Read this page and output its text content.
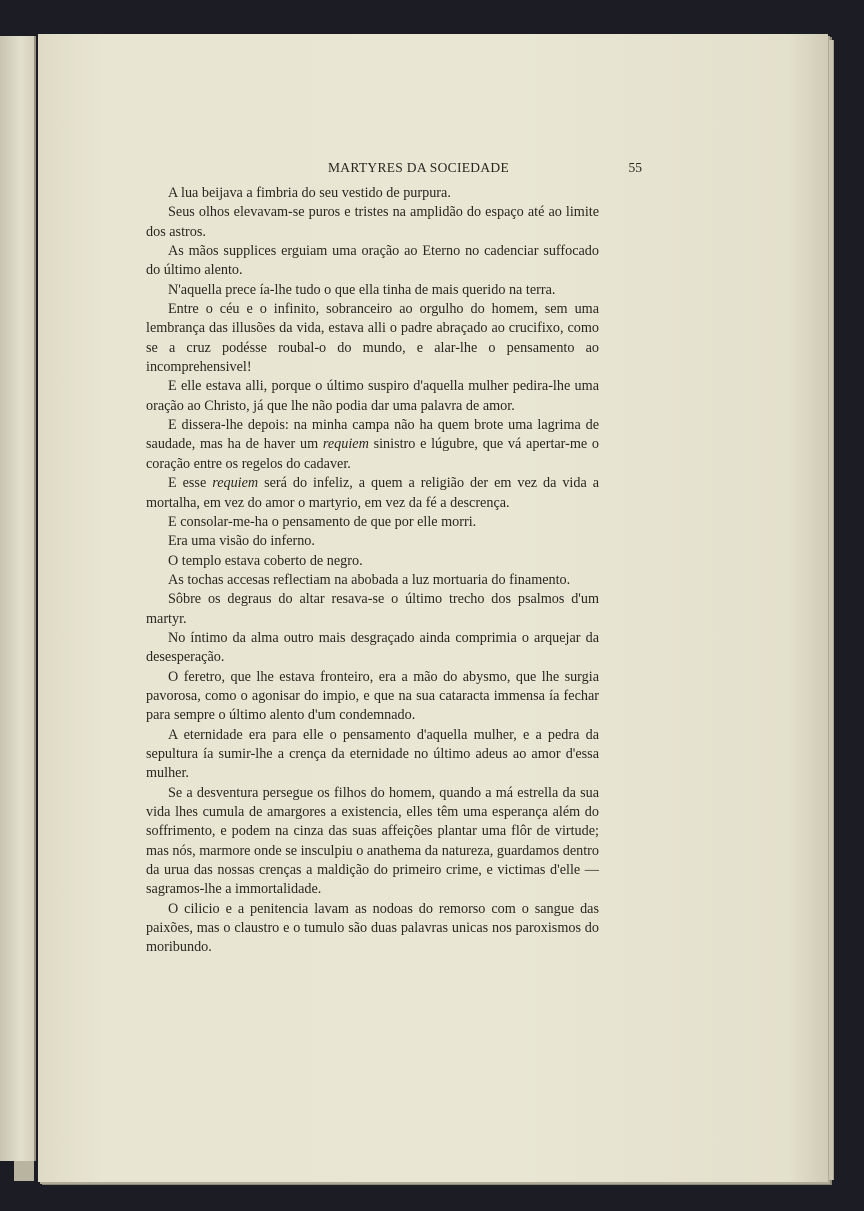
MARTYRES DA SOCIEDADE	55

A lua beijava a fimbria do seu vestido de purpura.

Seus olhos elevavam-se puros e tristes na amplidão do espaço até ao limite dos astros.

As mãos supplices erguiam uma oração ao Eterno no cadenciar suffocado do último alento.

N'aquella prece ía-lhe tudo o que ella tinha de mais querido na terra.

Entre o céu e o infinito, sobranceiro ao orgulho do homem, sem uma lembrança das illusões da vida, estava alli o padre abraçado ao crucifixo, como se a cruz podésse roubal-o do mundo, e alar-lhe o pensamento ao incomprehensivel!

E elle estava alli, porque o último suspiro d'aquella mulher pedira-lhe uma oração ao Christo, já que lhe não podia dar uma palavra de amor.

E dissera-lhe depois: na minha campa não ha quem brote uma lagrima de saudade, mas ha de haver um requiem sinistro e lúgubre, que vá apertar-me o coração entre os regelos do cadaver.

E esse requiem será do infeliz, a quem a religião der em vez da vida a mortalha, em vez do amor o martyrio, em vez da fé a descrença.

E consolar-me-ha o pensamento de que por elle morri.

Era uma visão do inferno.

O templo estava coberto de negro.

As tochas accesas reflectiam na abobada a luz mortuaria do finamento.

Sôbre os degraus do altar resava-se o último trecho dos psalmos d'um martyr.

No íntimo da alma outro mais desgraçado ainda comprimia o arquejar da desesperação.

O feretro, que lhe estava fronteiro, era a mão do abysmo, que lhe surgia pavorosa, como o agonisar do impio, e que na sua cataracta immensa ía fechar para sempre o último alento d'um condemnado.

A eternidade era para elle o pensamento d'aquella mulher, e a pedra da sepultura ía sumir-lhe a crença da eternidade no último adeus ao amor d'essa mulher.

Se a desventura persegue os filhos do homem, quando a má estrella da sua vida lhes cumula de amargores a existencia, elles têm uma esperança além do soffrimento, e podem na cinza das suas affeições plantar uma flôr de virtude; mas nós, marmore onde se insculpiu o anathema da natureza, guardamos dentro da urua das nossas crenças a maldição do primeiro crime, e victimas d'elle — sagramos-lhe a immortalidade.

O cilicio e a penitencia lavam as nodoas do remorso com o sangue das paixões, mas o claustro e o tumulo são duas palavras unicas nos paroxismos do moribundo.
